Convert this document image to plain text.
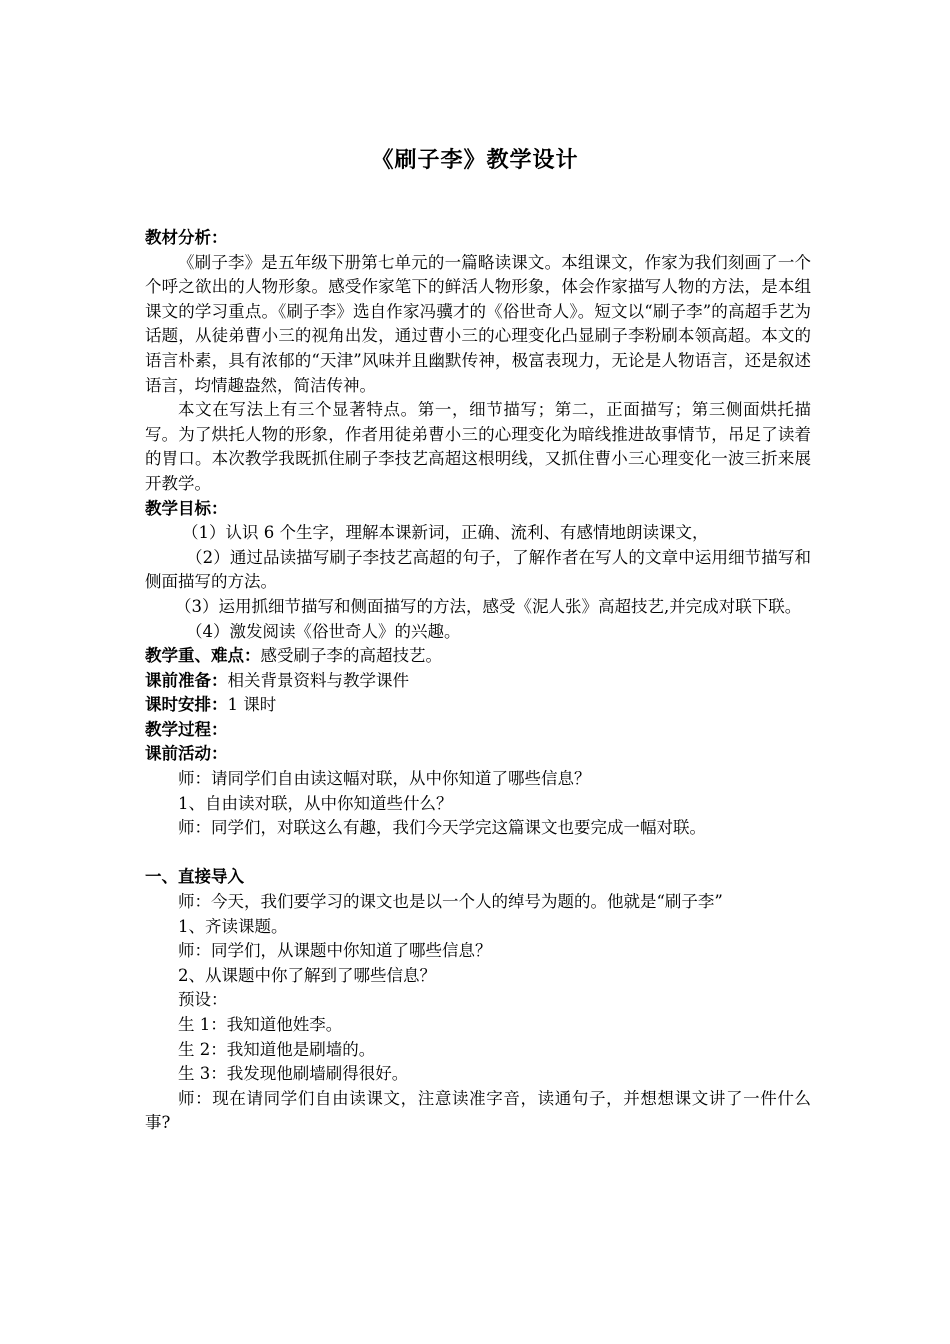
《刷子李》教学设计

教材分析：

《刷子李》是五年级下册第七单元的一篇略读课文。本组课文，作家为我们刻画了一个个呼之欲出的人物形象。感受作家笔下的鲜活人物形象，体会作家描写人物的方法，是本组课文的学习重点。《刷子李》选自作家冯骥才的《俗世奇人》。短文以“刷子李”的高超手艺为话题，从徒弟曹小三的视角出发，通过曹小三的心理变化凸显刷子李粉刷本领高超。本文的语言朴素，具有浓郁的“天津”风味并且幽默传神，极富表现力，无论是人物语言，还是叙述语言，均情趣盎然，简洁传神。

本文在写法上有三个显著特点。第一，细节描写；第二，正面描写；第三侧面烘托描写。为了烘托人物的形象，作者用徒弟曹小三的心理变化为暗线推进故事情节，吊足了读着的胃口。本次教学我既抓住刷子李技艺高超这根明线，又抓住曹小三心理变化一波三折来展开教学。

教学目标：

（1）认识 6 个生字，理解本课新词，正确、流利、有感情地朗读课文，

（2）通过品读描写刷子李技艺高超的句子，了解作者在写人的文章中运用细节描写和侧面描写的方法。

（3）运用抓细节描写和侧面描写的方法，感受《泥人张》高超技艺,并完成对联下联。

（4）激发阅读《俗世奇人》的兴趣。

教学重、难点：感受刷子李的高超技艺。

课前准备：相关背景资料与教学课件

课时安排：1 课时

教学过程：

课前活动：

师：请同学们自由读这幅对联，从中你知道了哪些信息？

1、自由读对联，从中你知道些什么？

师：同学们，对联这么有趣，我们今天学完这篇课文也要完成一幅对联。

一、直接导入

师：今天，我们要学习的课文也是以一个人的绰号为题的。他就是“刷子李”

1、齐读课题。

师：同学们，从课题中你知道了哪些信息？

2、从课题中你了解到了哪些信息？

预设：

生 1：我知道他姓李。

生 2：我知道他是刷墙的。

生 3：我发现他刷墙刷得很好。

师：现在请同学们自由读课文，注意读准字音，读通句子，并想想课文讲了一件什么事?
